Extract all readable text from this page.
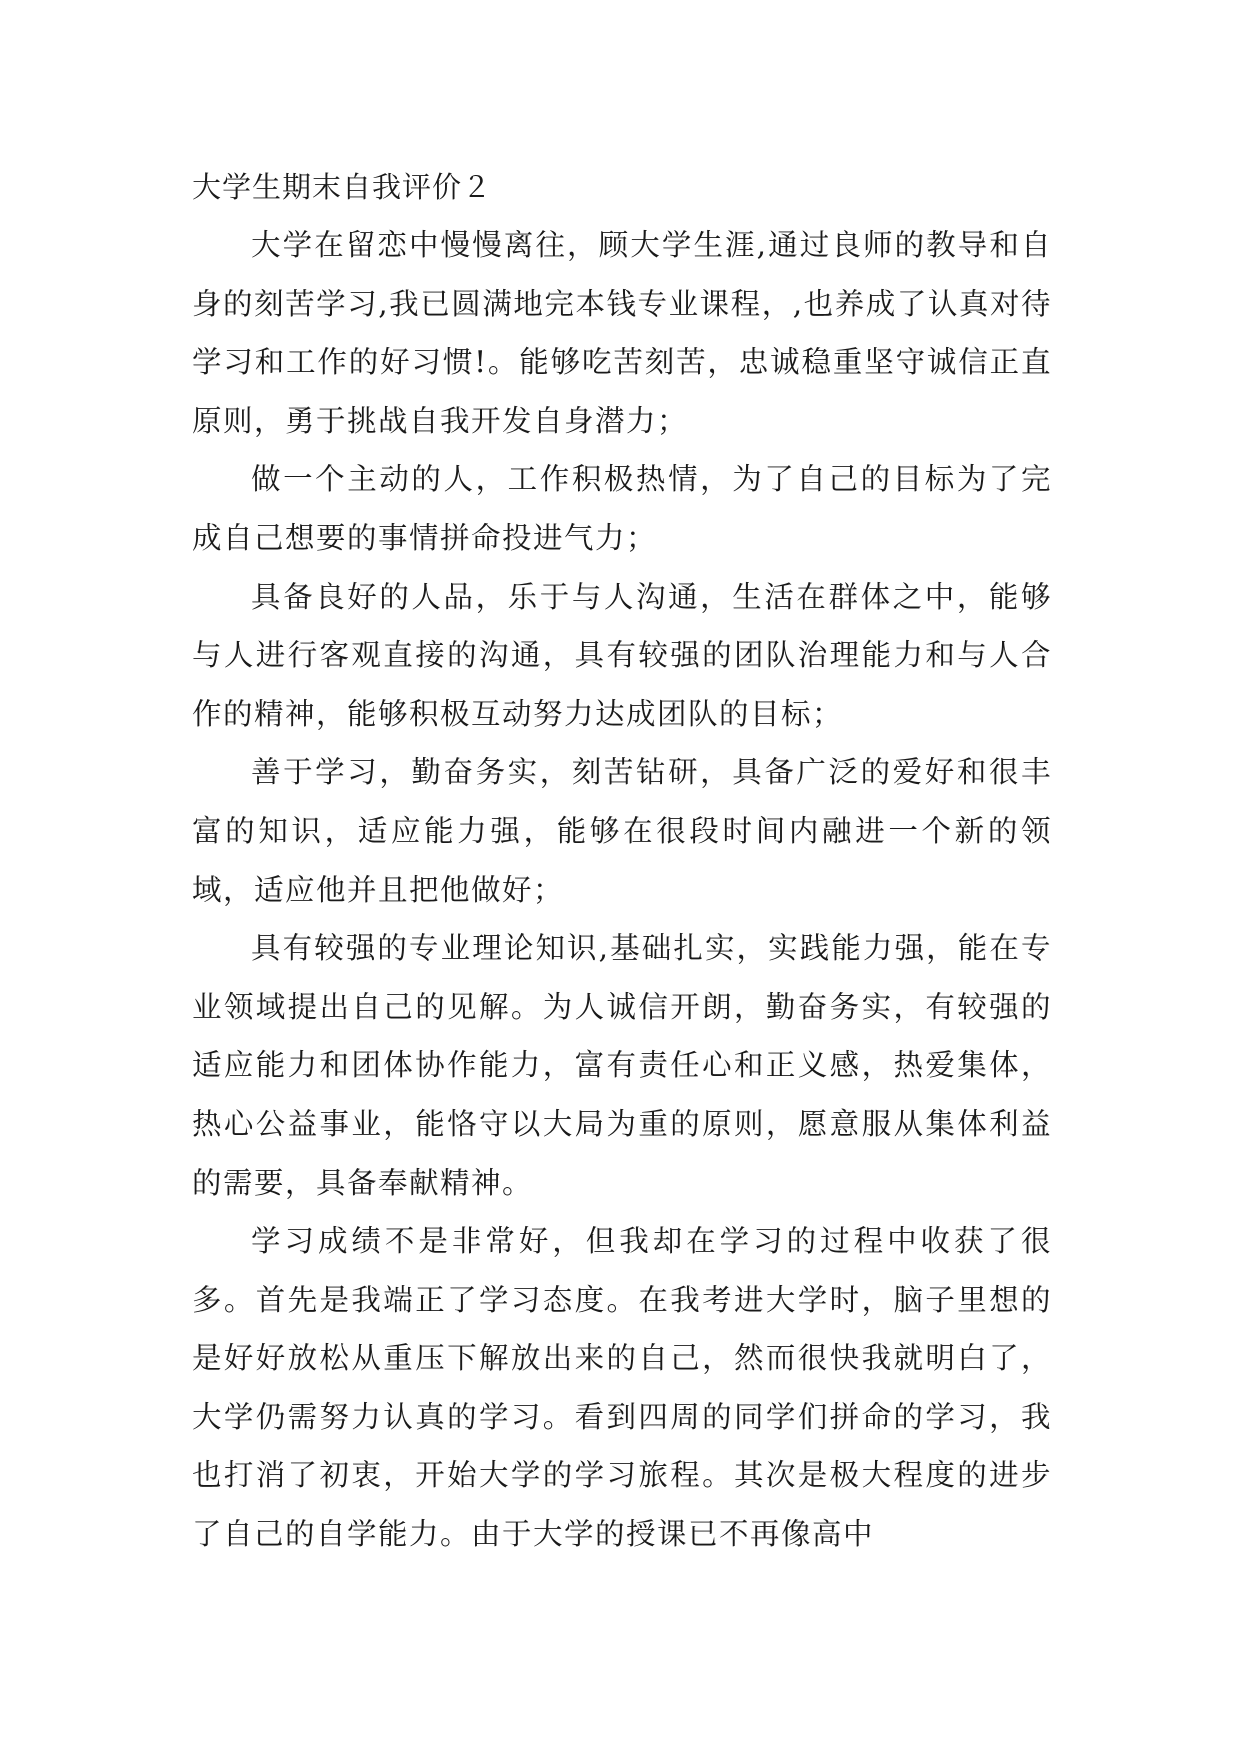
大学生期末自我评价２

大学在留恋中慢慢离往，顾大学生涯,通过良师的教导和自身的刻苦学习,我已圆满地完本钱专业课程，,也养成了认真对待学习和工作的好习惯!。能够吃苦刻苦，忠诚稳重坚守诚信正直原则，勇于挑战自我开发自身潜力；

做一个主动的人，工作积极热情，为了自己的目标为了完成自己想要的事情拼命投进气力；

具备良好的人品，乐于与人沟通，生活在群体之中，能够与人进行客观直接的沟通，具有较强的团队治理能力和与人合作的精神，能够积极互动努力达成团队的目标；

善于学习，勤奋务实，刻苦钻研，具备广泛的爱好和很丰富的知识，适应能力强，能够在很段时间内融进一个新的领域，适应他并且把他做好；

具有较强的专业理论知识,基础扎实，实践能力强，能在专业领域提出自己的见解。为人诚信开朗，勤奋务实，有较强的适应能力和团体协作能力，富有责任心和正义感，热爱集体，热心公益事业，能恪守以大局为重的原则，愿意服从集体利益的需要，具备奉献精神。

学习成绩不是非常好，但我却在学习的过程中收获了很多。首先是我端正了学习态度。在我考进大学时，脑子里想的是好好放松从重压下解放出来的自己，然而很快我就明白了，大学仍需努力认真的学习。看到四周的同学们拼命的学习，我也打消了初衷，开始大学的学习旅程。其次是极大程度的进步了自己的自学能力。由于大学的授课已不再像高中
